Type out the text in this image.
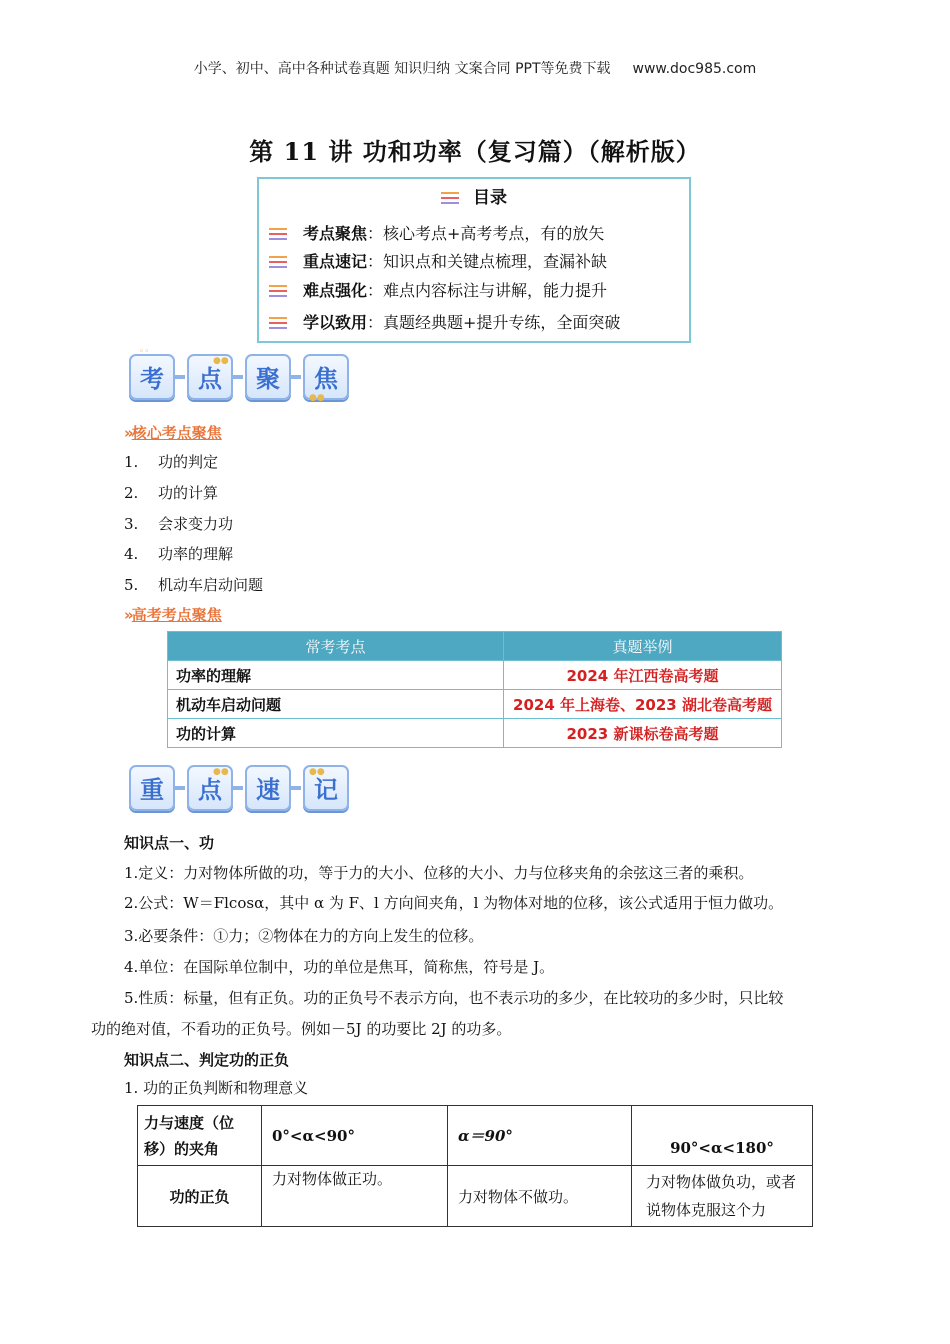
小学、初中、高中各种试卷真题 知识归纳 文案合同 PPT等免费下载 www.doc985.com
第 11 讲 功和功率（复习篇）（解析版）
目录
考点聚焦：核心考点+高考考点，有的放矢
重点速记：知识点和关键点梳理，查漏补缺
难点强化：难点内容标注与讲解，能力提升
学以致用：真题经典题+提升专练，全面突破
考	点	聚	焦
◦◦
●●
●●
» 核心考点聚焦
1. 功的判定
2. 功的计算
3. 会求变力功
4. 功率的理解
5. 机动车启动问题
» 高考考点聚焦
常考考点	真题举例
功率的理解	2024 年江西卷高考题
机动车启动问题	2024 年上海卷、2023 湖北卷高考题
功的计算	2023 新课标卷高考题
重	点	速	记
●●	●●
知识点一、功
1.定义：力对物体所做的功，等于力的大小、位移的大小、力与位移夹角的余弦这三者的乘积。
2.公式：W＝Flcosα，其中 α 为 F、l 方向间夹角，l 为物体对地的位移，该公式适用于恒力做功。
3.必要条件：①力；②物体在力的方向上发生的位移。
4.单位：在国际单位制中，功的单位是焦耳，简称焦，符号是 J。
5.性质：标量，但有正负。功的正负号不表示方向，也不表示功的多少，在比较功的多少时，只比较
功的绝对值，不看功的正负号。例如－5J 的功要比 2J 的功多。
知识点二、判定功的正负
1. 功的正负判断和物理意义
力与速度（位移）的夹角	0°<α<90°	α＝90°	90°<α<180°
功的正负	力对物体做正功。	力对物体不做功。	力对物体做负功，或者说物体克服这个力
